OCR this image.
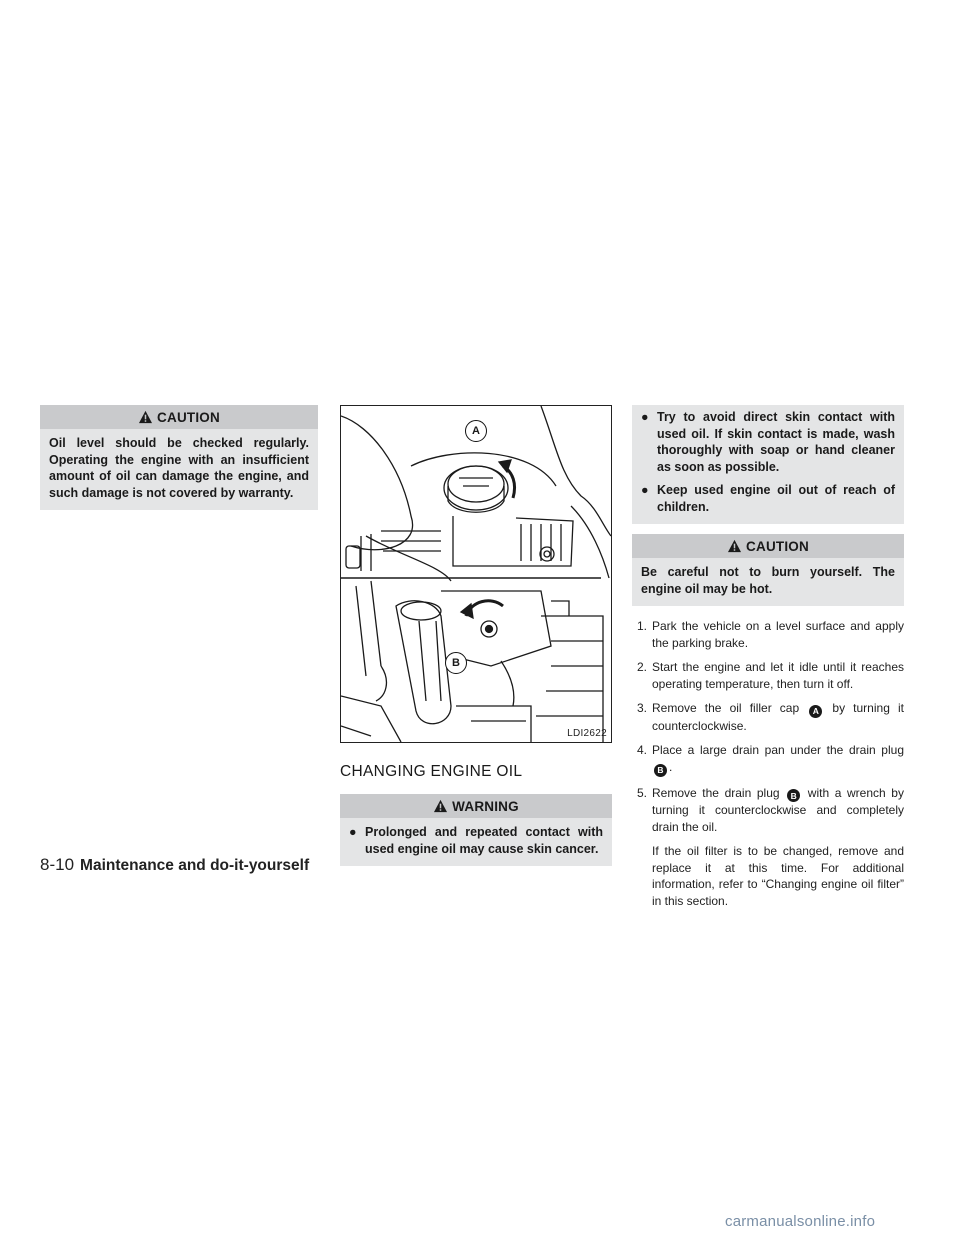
CAUTION
Oil level should be checked regularly. Operating the engine with an insufficient amount of oil can damage the engine, and such damage is not covered by warranty.
A
B
LDI2622
CHANGING ENGINE OIL
WARNING
● Prolonged and repeated contact with used engine oil may cause skin cancer.
● Try to avoid direct skin contact with used oil. If skin contact is made, wash thoroughly with soap or hand cleaner as soon as possible.
● Keep used engine oil out of reach of children.
CAUTION
Be careful not to burn yourself. The engine oil may be hot.
1. Park the vehicle on a level surface and apply the parking brake.
2. Start the engine and let it idle until it reaches operating temperature, then turn it off.
3. Remove the oil filler cap A by turning it counterclockwise.
4. Place a large drain pan under the drain plug B .
5. Remove the drain plug B with a wrench by turning it counterclockwise and completely drain the oil.
If the oil filter is to be changed, remove and replace it at this time. For additional information, refer to “Changing engine oil filter” in this section.
8-10 Maintenance and do-it-yourself
carmanualsonline.info
